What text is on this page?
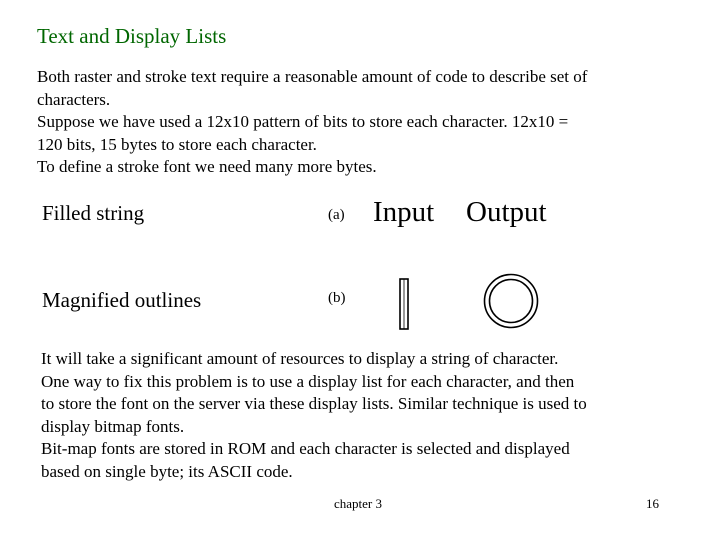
Text and Display Lists
Both raster and stroke text require a reasonable amount of code to describe set of
characters.
Suppose we have used a 12x10 pattern of bits to store each character. 12x10 =
120 bits, 15 bytes to store each character.
To define a stroke font we need many more bytes.
Filled string	(a) Input Output
Magnified outlines	(b)
It will take a significant amount of resources to display a string of character.
One way to fix this problem is to use a display list for each character, and then
to store the font on the server via these display lists. Similar technique is used to
display bitmap fonts.
Bit-map fonts are stored in ROM and each character is selected and displayed
based on single byte; its ASCII code.
chapter 3	16
